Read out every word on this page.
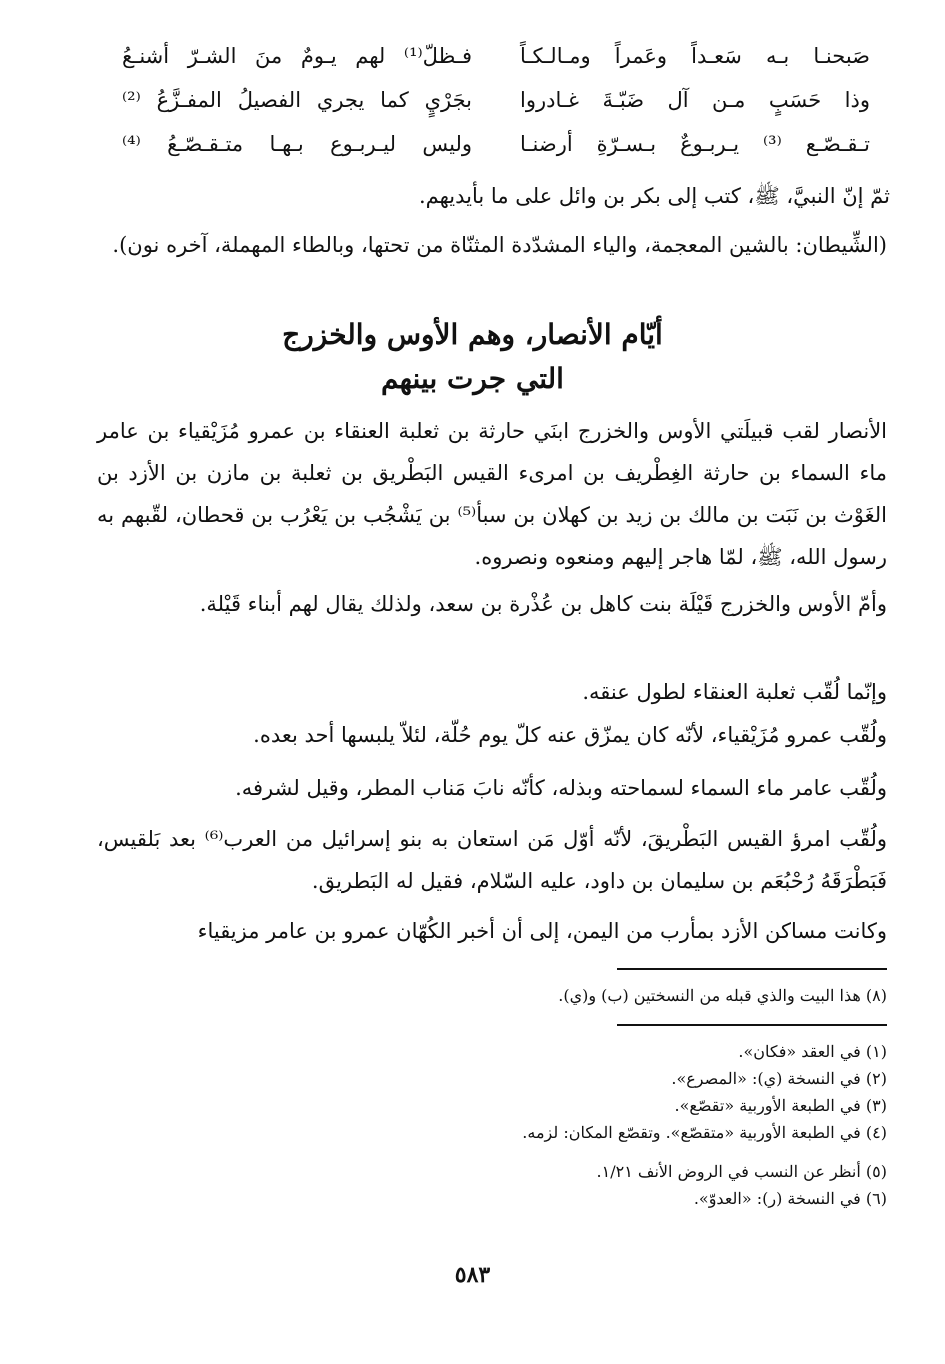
صَبحنـا بـه سَعـداً وعَمراً ومـالـكـاً
فـظلّ⁽¹⁾ لهم يـومٌ منَ الشـرّ أشنـعُ
وذا حَسَبٍ مـن آل ضَبّـةَ غـادروا
بجَرْيٍ كما يجري الفصيلُ المفـزَّعُ ⁽²⁾
تـقـصّـع ⁽³⁾ يـربـوعٌ بـسـرّةِ أرضنـا
وليس ليـربـوع بـهـا متـقـصّـعُ ⁽⁴⁾
ثمّ إنّ النبيَّ، ﷺ، كتب إلى بكر بن وائل على ما بأيديهم.
(الشِّيطان: بالشين المعجمة، والياء المشدّدة المثنّاة من تحتها، وبالطاء المهملة، آخره نون).
أيّام الأنصار، وهم الأوس والخزرج
التي جرت بينهم
الأنصار لقب قبيلَتي الأوس والخزرج ابنَي حارثة بن ثعلبة العنقاء بن عمرو مُزَيْقياء بن عامر ماء السماء بن حارثة الغِطْريف بن امرىء القيس البَطْريق بن ثعلبة بن مازن بن الأزد بن الغَوْث بن نَبَت بن مالك بن زيد بن كهلان بن سبأ⁽⁵⁾ بن يَشْجُب بن يَعْرُب بن قحطان، لقّبهم به رسول الله، ﷺ، لمّا هاجر إليهم ومنعوه ونصروه.
وأمّ الأوس والخزرج قَيْلَة بنت كاهل بن عُذْرة بن سعد، ولذلك يقال لهم أبناء قَيْلة.
وإنّما لُقّب ثعلبة العنقاء لطول عنقه.
ولُقّب عمرو مُزَيْقياء، لأنّه كان يمزّق عنه كلّ يوم حُلّة، لئلاّ يلبسها أحد بعده.
ولُقّب عامر ماء السماء لسماحته وبذله، كأنّه نابَ مَناب المطر، وقيل لشرفه.
ولُقّب امرؤ القيس البَطْريقَ، لأنّه أوّل مَن استعان به بنو إسرائيل من العرب⁽⁶⁾ بعد بَلقيس، فَبَطْرَقَهُ رُحْبُعَم بن سليمان بن داود، عليه السّلام، فقيل له البَطريق.
وكانت مساكن الأزد بمأرب من اليمن، إلى أن أخبر الكُهّان عمرو بن عامر مزيقياء
(٨) هذا البيت والذي قبله من النسختين (ب) و(ي).
(١) في العقد «فكان».
(٢) في النسخة (ي): «المصرع».
(٣) في الطبعة الأوربية «تقصّع».
(٤) في الطبعة الأوربية «متقصّع». وتقصّع المكان: لزمه.
(٥) أنظر عن النسب في الروض الأنف ١/٢١.
(٦) في النسخة (ر): «العدوّ».
٥٨٣
